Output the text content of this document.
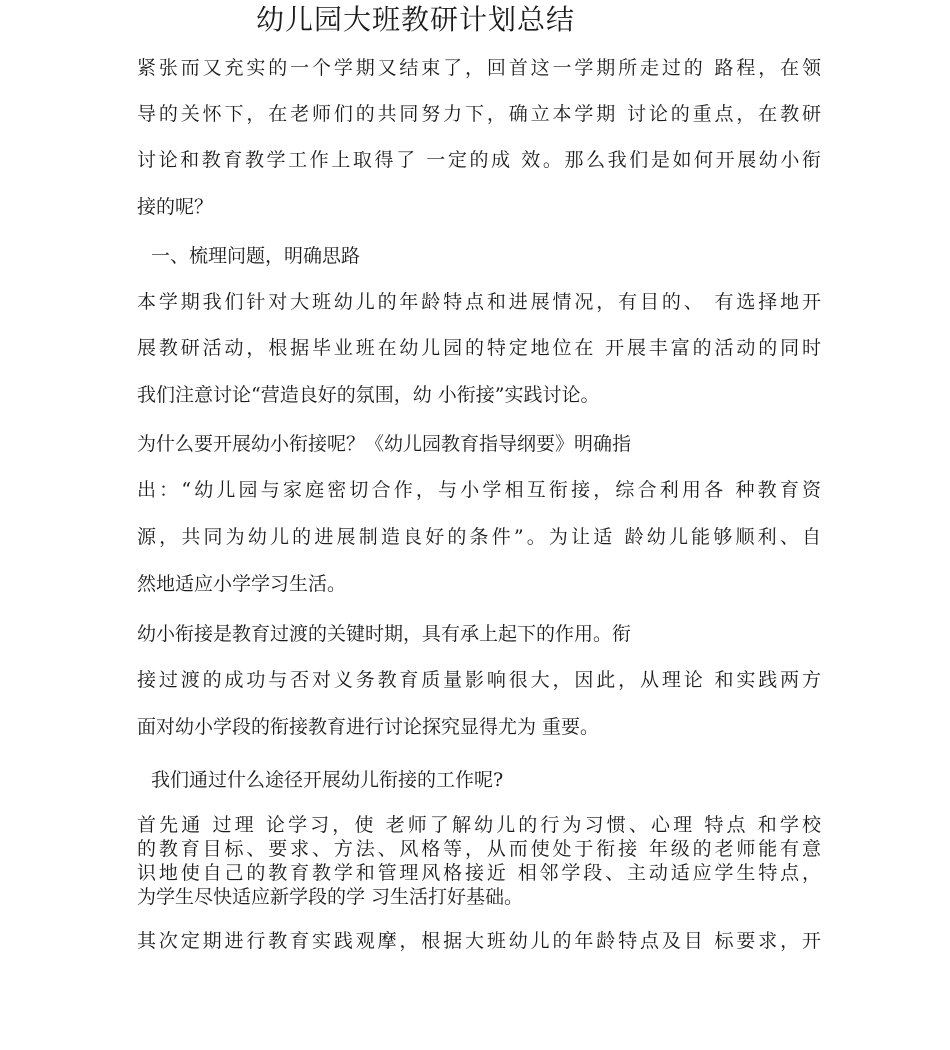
幼儿园大班教研计划总结
紧张而又充实的一个学期又结束了，回首这一学期所走过的 路程，在领
导的关怀下，在老师们的共同努力下，确立本学期 讨论的重点，在教研
讨论和教育教学工作上取得了 一定的成 效。那么我们是如何开展幼小衔
接的呢？
一、梳理问题，明确思路
本学期我们针对大班幼儿的年龄特点和进展情况，有目的、 有选择地开
展教研活动，根据毕业班在幼儿园的特定地位在 开展丰富的活动的同时
我们注意讨论“营造良好的氛围，幼 小衔接”实践讨论。
为什么要开展幼小衔接呢？《幼儿园教育指导纲要》明确指
出：“幼儿园与家庭密切合作，与小学相互衔接，综合利用各 种教育资
源，共同为幼儿的进展制造良好的条件”。为让适 龄幼儿能够顺利、自
然地适应小学学习生活。
幼小衔接是教育过渡的关键时期，具有承上起下的作用。衔
接过渡的成功与否对义务教育质量影响很大，因此，从理论 和实践两方
面对幼小学段的衔接教育进行讨论探究显得尤为 重要。
我们通过什么途径开展幼儿衔接的工作呢?
首先通 过理 论学习，使 老师了解幼儿的行为习惯、心理 特点 和学校
的教育目标、要求、方法、风格等，从而使处于衔接 年级的老师能有意
识地使自己的教育教学和管理风格接近 相邻学段、主动适应学生特点，
为学生尽快适应新学段的学 习生活打好基础。
其次定期进行教育实践观摩，根据大班幼儿的年龄特点及目 标要求，开
